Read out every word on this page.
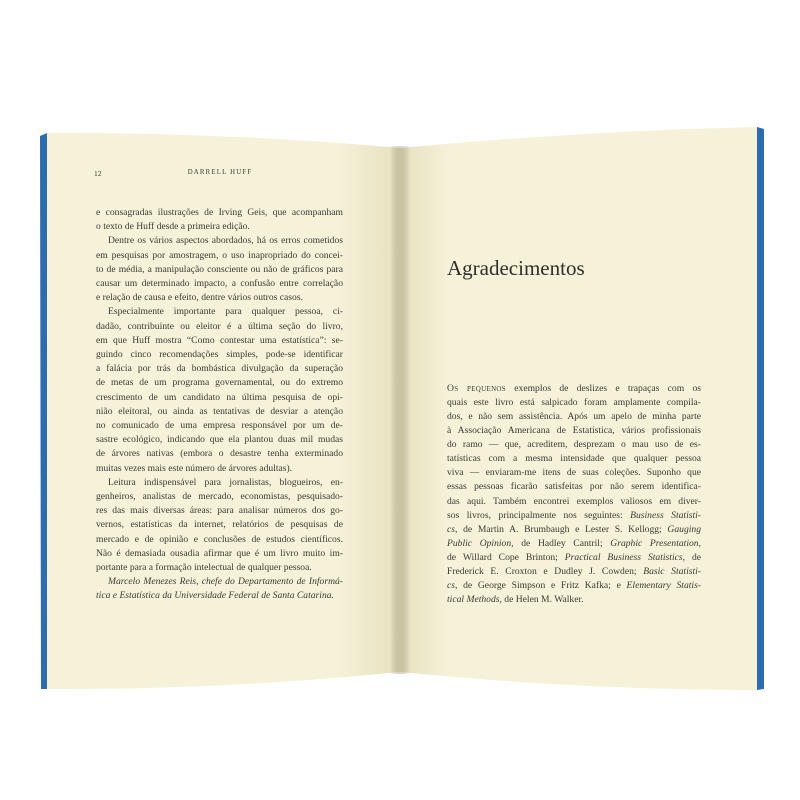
12	DARRELL HUFF
e consagradas ilustrações de Irving Geis, que acompanham
o texto de Huff desde a primeira edição.
Dentre os vários aspectos abordados, há os erros cometidos
em pesquisas por amostragem, o uso inapropriado do concei-
to de média, a manipulação consciente ou não de gráficos para
causar um determinado impacto, a confusão entre correlação
e relação de causa e efeito, dentre vários outros casos.
Especialmente importante para qualquer pessoa, ci-
dadão, contribuinte ou eleitor é a última seção do livro,
em que Huff mostra “Como contestar uma estatística”: se-
guindo cinco recomendações simples, pode-se identificar
a falácia por trás da bombástica divulgação da superação
de metas de um programa governamental, ou do extremo
crescimento de um candidato na última pesquisa de opi-
nião eleitoral, ou ainda as tentativas de desviar a atenção
no comunicado de uma empresa responsável por um de-
sastre ecológico, indicando que ela plantou duas mil mudas
de árvores nativas (embora o desastre tenha exterminado
muitas vezes mais este número de árvores adultas).
Leitura indispensável para jornalistas, blogueiros, en-
genheiros, analistas de mercado, economistas, pesquisado-
res das mais diversas áreas: para analisar números dos go-
vernos, estatísticas da internet, relatórios de pesquisas de
mercado e de opinião e conclusões de estudos científicos.
Não é demasiada ousadia afirmar que é um livro muito im-
portante para a formação intelectual de qualquer pessoa.
Marcelo Menezes Reis, chefe do Departamento de Informá-
tica e Estatística da Universidade Federal de Santa Catarina.
Agradecimentos
Os pequenos exemplos de deslizes e trapaças com os
quais este livro está salpicado foram amplamente compila-
dos, e não sem assistência. Após um apelo de minha parte
à Associação Americana de Estatística, vários profissionais
do ramo — que, acreditem, desprezam o mau uso de es-
tatísticas com a mesma intensidade que qualquer pessoa
viva — enviaram-me itens de suas coleções. Suponho que
essas pessoas ficarão satisfeitas por não serem identifica-
das aqui. Também encontrei exemplos valiosos em diver-
sos livros, principalmente nos seguintes: Business Statisti-
cs, de Martin A. Brumbaugh e Lester S. Kellogg; Gauging
Public Opinion, de Hadley Cantril; Graphic Presentation,
de Willard Cope Brinton; Practical Business Statistics, de
Frederick E. Croxton e Dudley J. Cowden; Basic Statisti-
cs, de George Simpson e Fritz Kafka; e Elementary Statis-
tical Methods, de Helen M. Walker.
